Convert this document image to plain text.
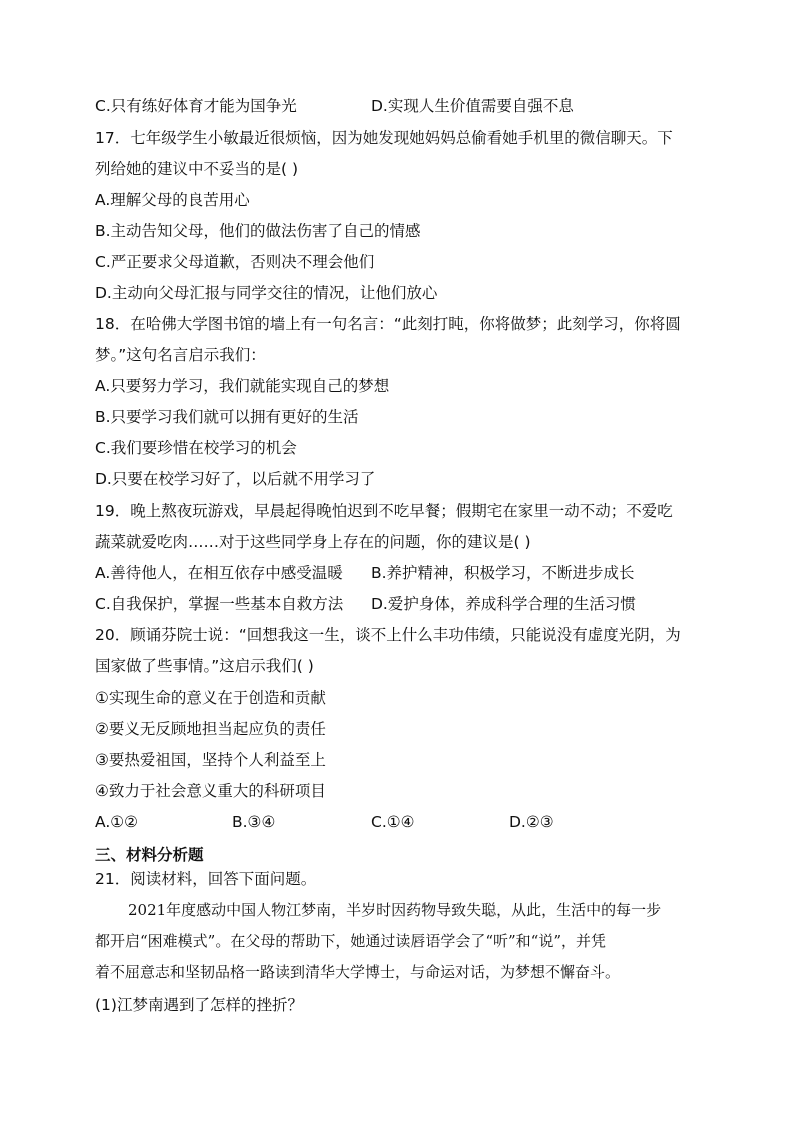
C.只有练好体育才能为国争光	D.实现人生价值需要自强不息
17．七年级学生小敏最近很烦恼，因为她发现她妈妈总偷看她手机里的微信聊天。下
列给她的建议中不妥当的是( )
A.理解父母的良苦用心
B.主动告知父母，他们的做法伤害了自己的情感
C.严正要求父母道歉，否则决不理会他们
D.主动向父母汇报与同学交往的情况，让他们放心
18．在哈佛大学图书馆的墙上有一句名言：“此刻打盹，你将做梦；此刻学习，你将圆
梦。”这句名言启示我们：
A.只要努力学习，我们就能实现自己的梦想
B.只要学习我们就可以拥有更好的生活
C.我们要珍惜在校学习的机会
D.只要在校学习好了，以后就不用学习了
19．晚上熬夜玩游戏，早晨起得晚怕迟到不吃早餐；假期宅在家里一动不动；不爱吃
蔬菜就爱吃肉……对于这些同学身上存在的问题，你的建议是( )
A.善待他人，在相互依存中感受温暖 B.养护精神，积极学习，不断进步成长
C.自我保护，掌握一些基本自救方法 D.爱护身体，养成科学合理的生活习惯
20．顾诵芬院士说：“回想我这一生，谈不上什么丰功伟绩，只能说没有虚度光阴，为
国家做了些事情。”这启示我们( )
①实现生命的意义在于创造和贡献
②要义无反顾地担当起应负的责任
③要热爱祖国，坚持个人利益至上
④致力于社会意义重大的科研项目
A.①②	B.③④	C.①④	D.②③
三、材料分析题
21．阅读材料，回答下面问题。
2021年度感动中国人物江梦南，半岁时因药物导致失聪，从此，生活中的每一步
都开启“困难模式”。在父母的帮助下，她通过读唇语学会了“听”和“说”，并凭
着不屈意志和坚韧品格一路读到清华大学博士，与命运对话，为梦想不懈奋斗。
(1)江梦南遇到了怎样的挫折？
